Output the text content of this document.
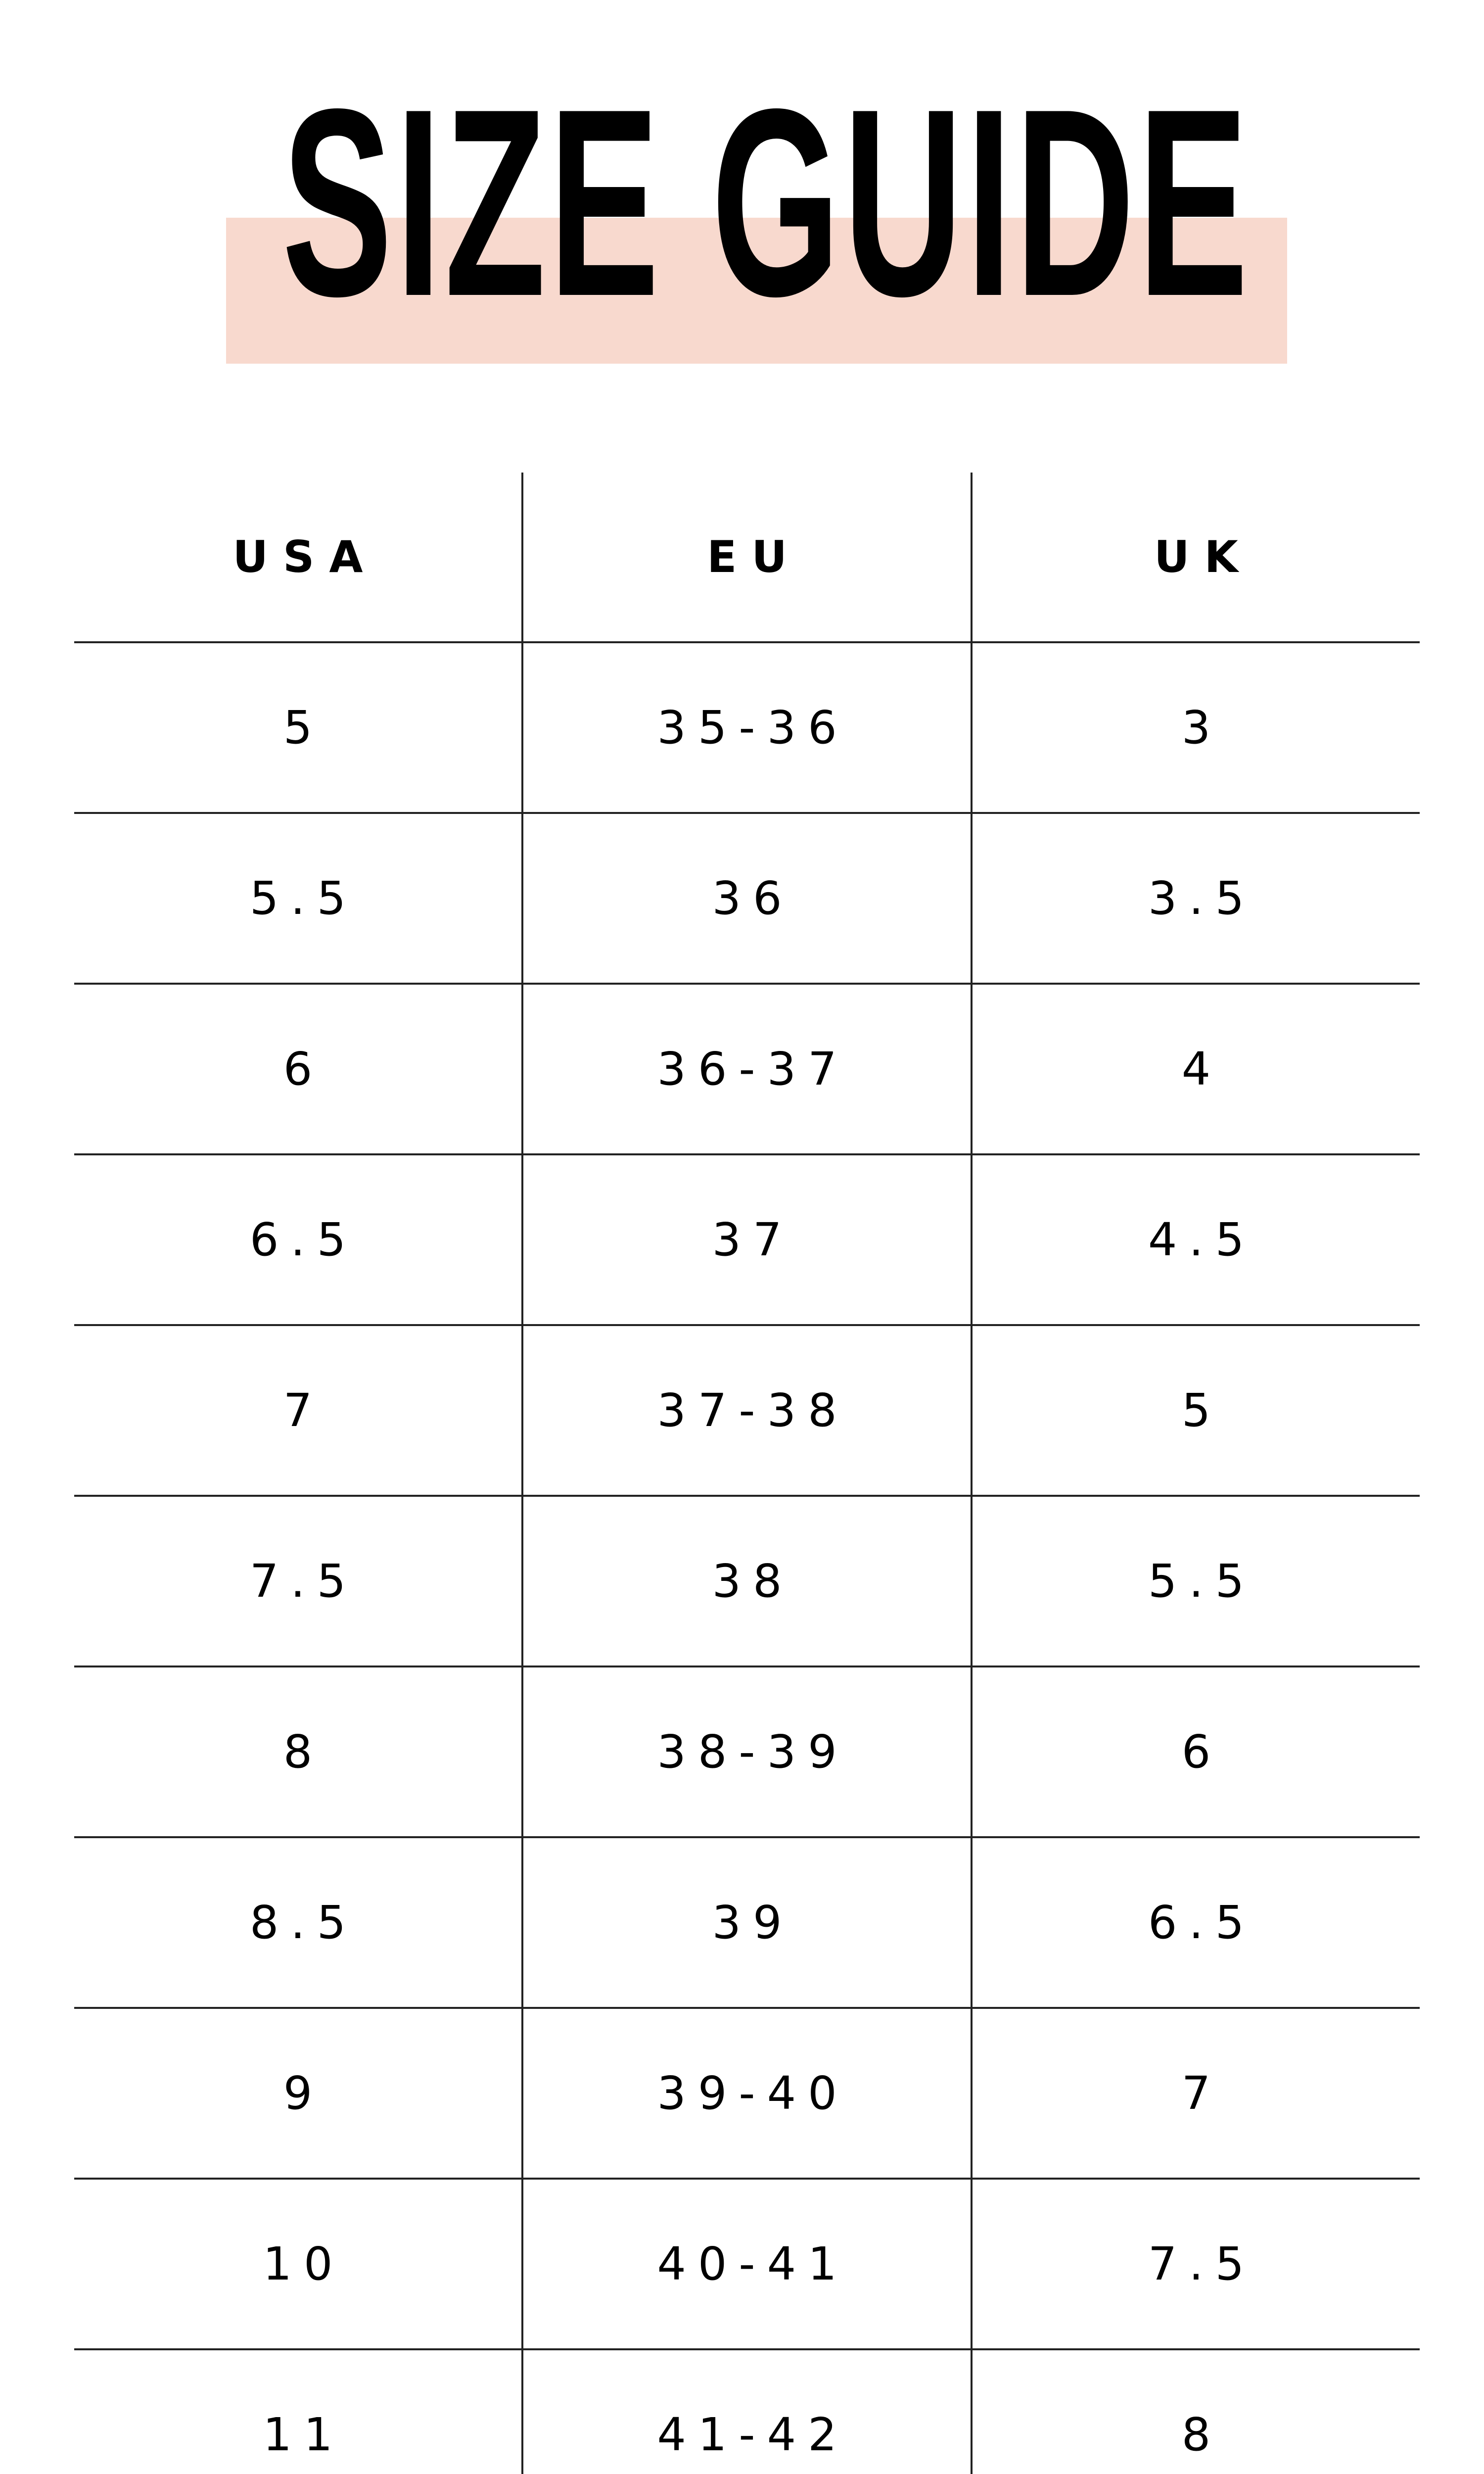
SIZE GUIDE
USA	EU	UK
5	35-36	3
5.5	36	3.5
6	36-37	4
6.5	37	4.5
7	37-38	5
7.5	38	5.5
8	38-39	6
8.5	39	6.5
9	39-40	7
10	40-41	7.5
11	41-42	8
